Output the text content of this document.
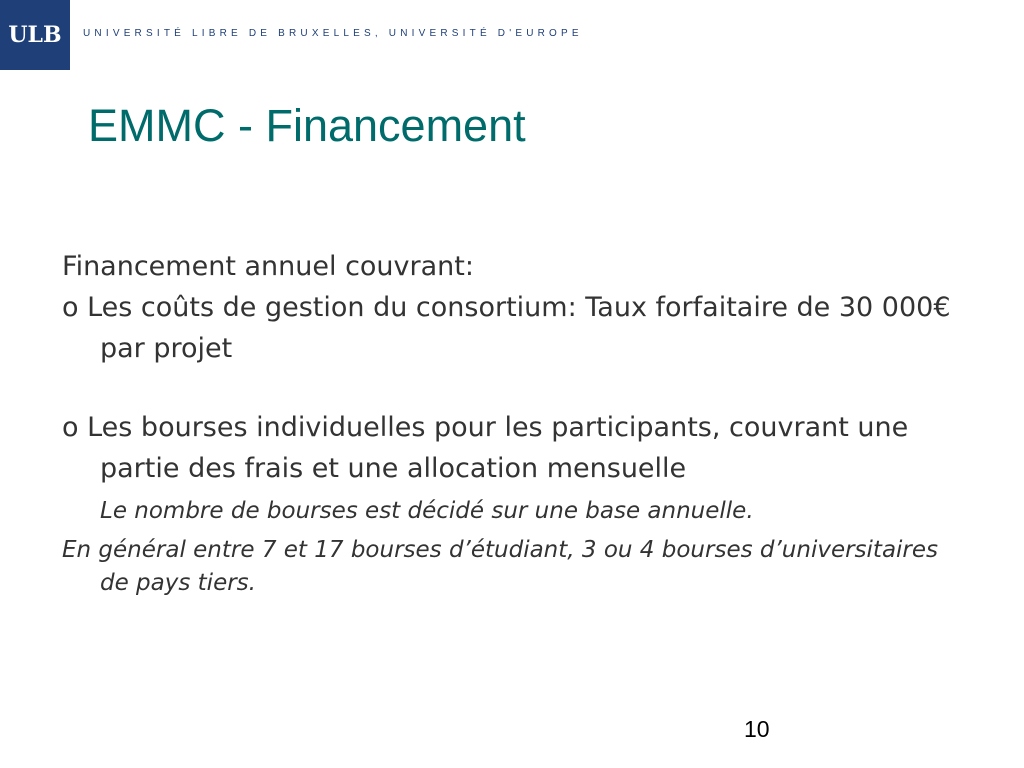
ULB UNIVERSITÉ LIBRE DE BRUXELLES, UNIVERSITÉ D'EUROPE
EMMC - Financement

Financement annuel couvrant:

o Les coûts de gestion du consortium: Taux forfaitaire de 30 000€ par projet

o Les bourses individuelles pour les participants, couvrant une partie des frais et une allocation mensuelle

Le nombre de bourses est décidé sur une base annuelle.

En général entre 7 et 17 bourses d’étudiant, 3 ou 4 bourses d’universitaires de pays tiers.

10
